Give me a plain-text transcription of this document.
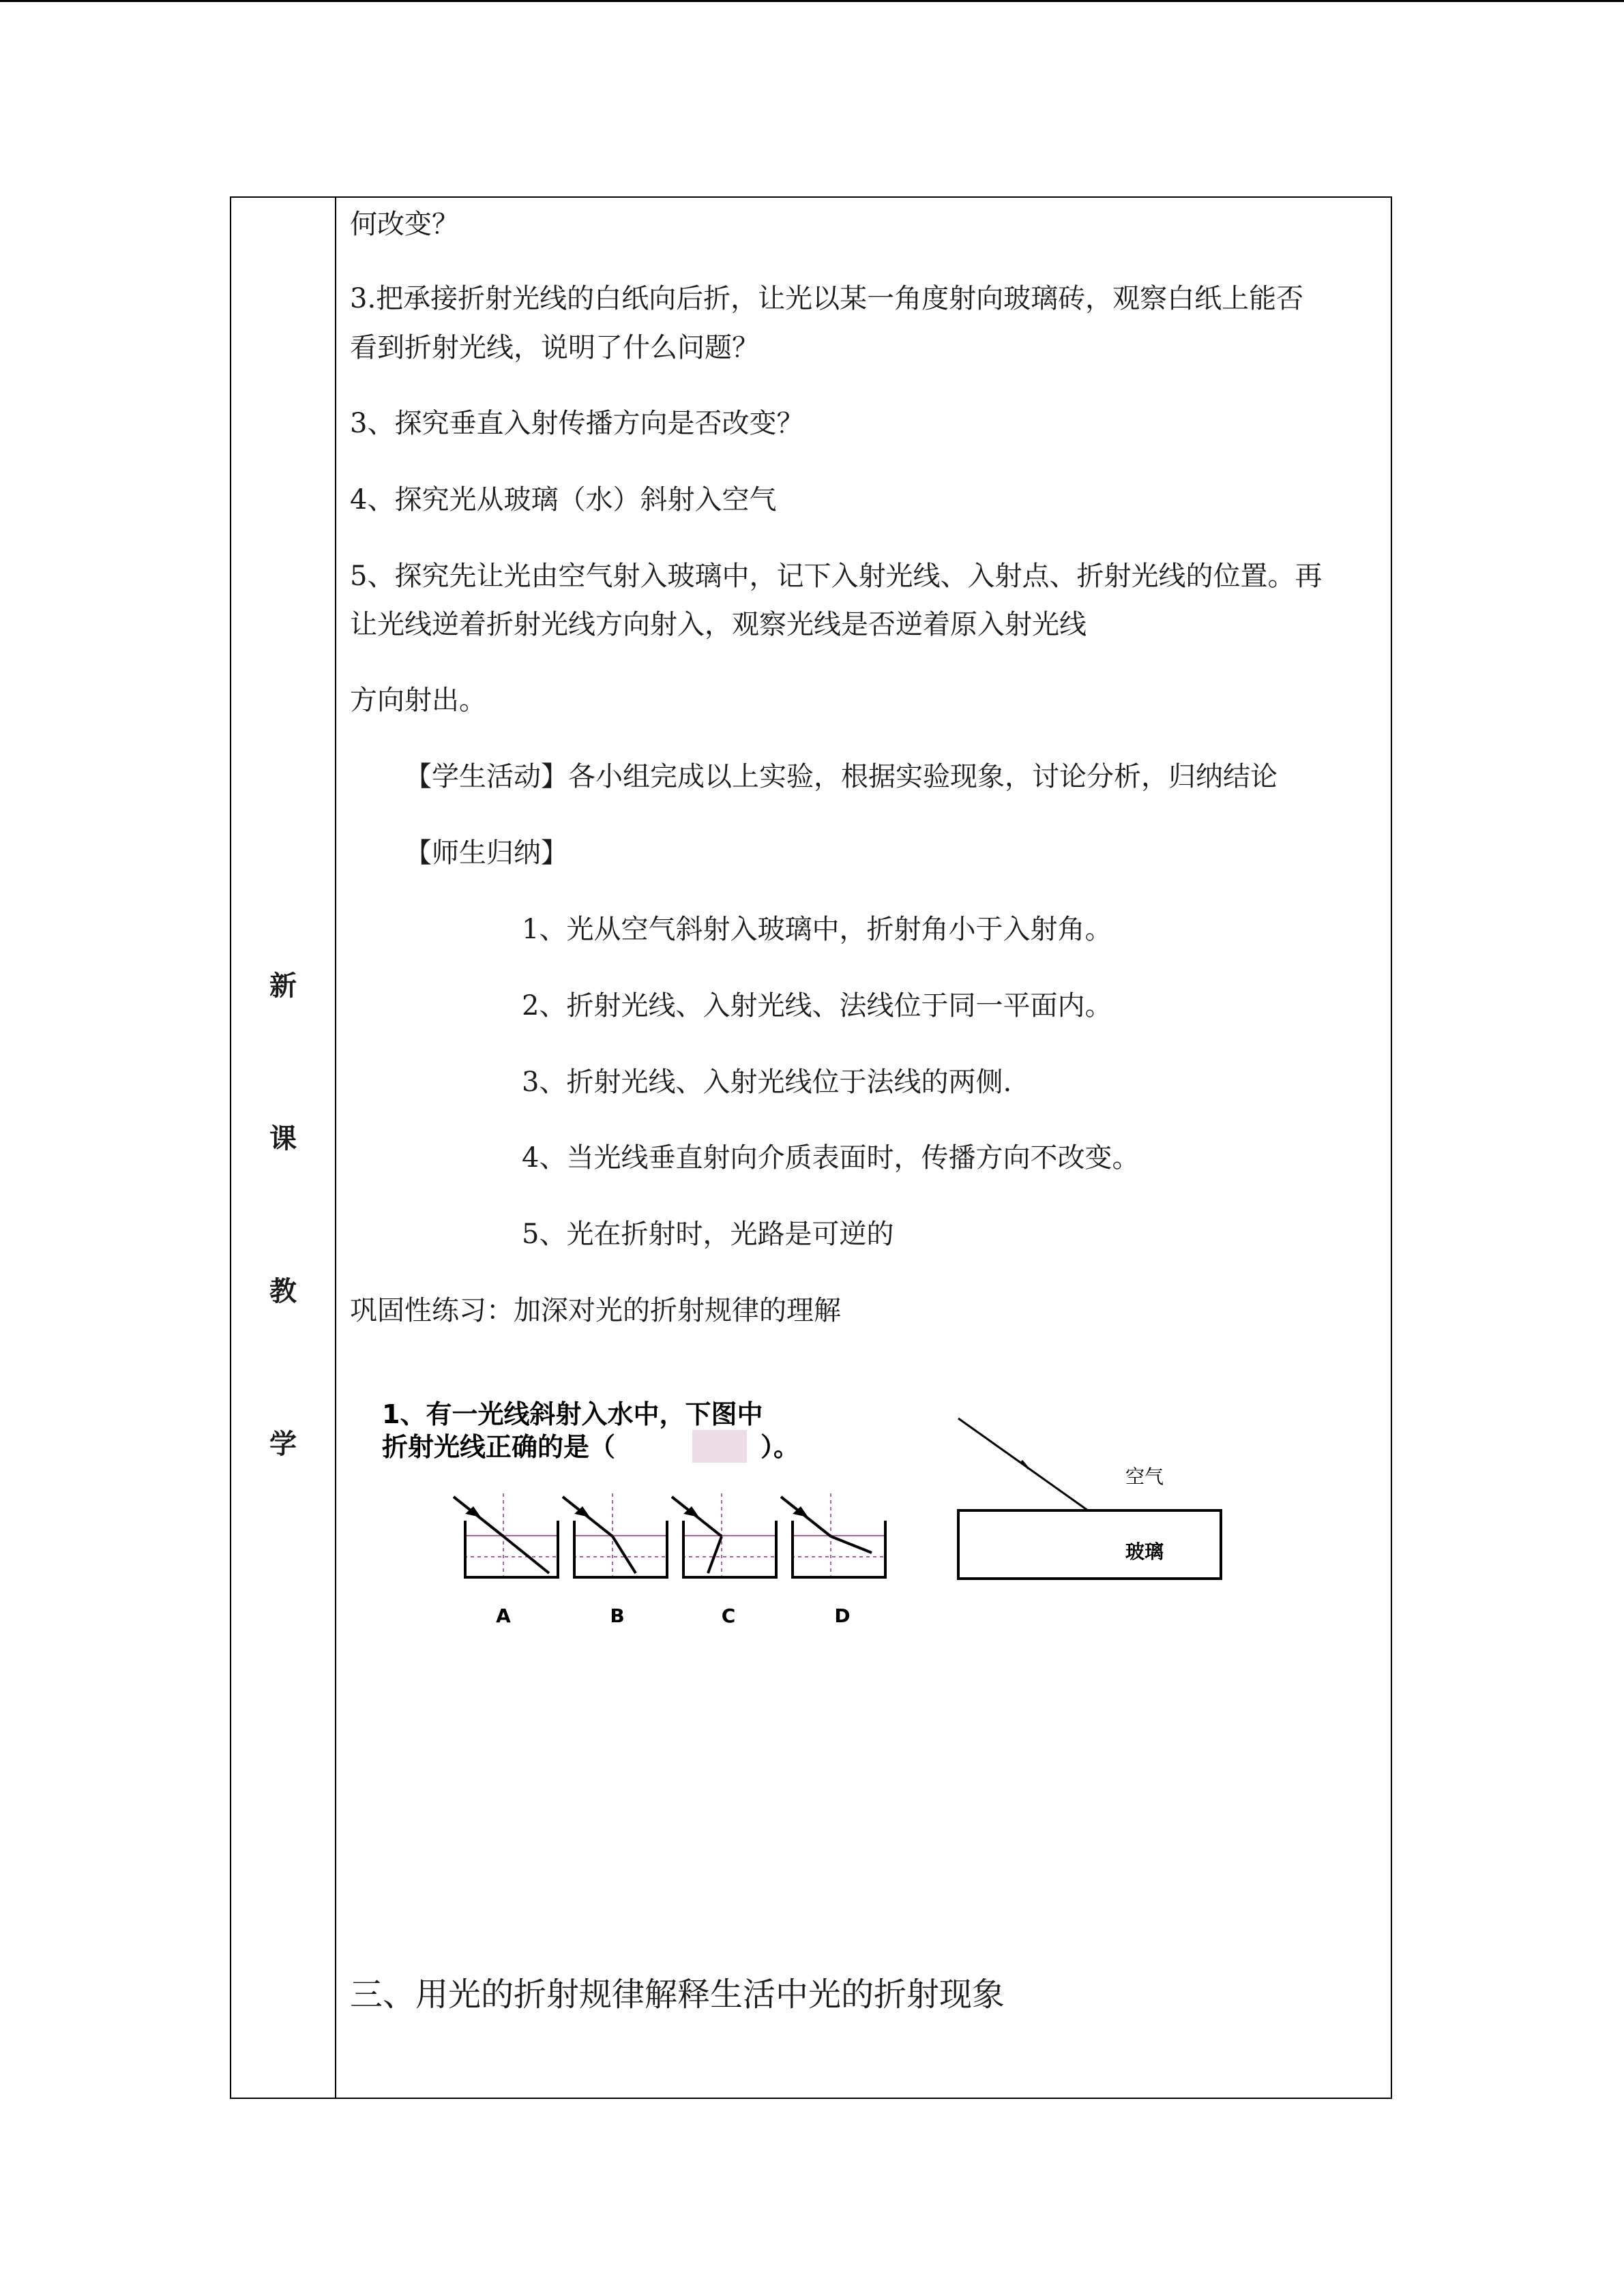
新
课
教
学

何改变？

3.把承接折射光线的白纸向后折，让光以某一角度射向玻璃砖，观察白纸上能否

看到折射光线，说明了什么问题？

3、探究垂直入射传播方向是否改变？

4、探究光从玻璃（水）斜射入空气

5、探究先让光由空气射入玻璃中，记下入射光线、入射点、折射光线的位置。再

让光线逆着折射光线方向射入，观察光线是否逆着原入射光线

方向射出。

【学生活动】各小组完成以上实验，根据实验现象，讨论分析，归纳结论

【师生归纳】

1、光从空气斜射入玻璃中，折射角小于入射角。

2、折射光线、入射光线、法线位于同一平面内。

3、折射光线、入射光线位于法线的两侧.

4、当光线垂直射向介质表面时，传播方向不改变。

5、光在折射时，光路是可逆的

巩固性练习：加深对光的折射规律的理解

1、有一光线斜射入水中，下图中
折射光线正确的是（	）。
A	B	C	D
空气
玻璃

三、用光的折射规律解释生活中光的折射现象
